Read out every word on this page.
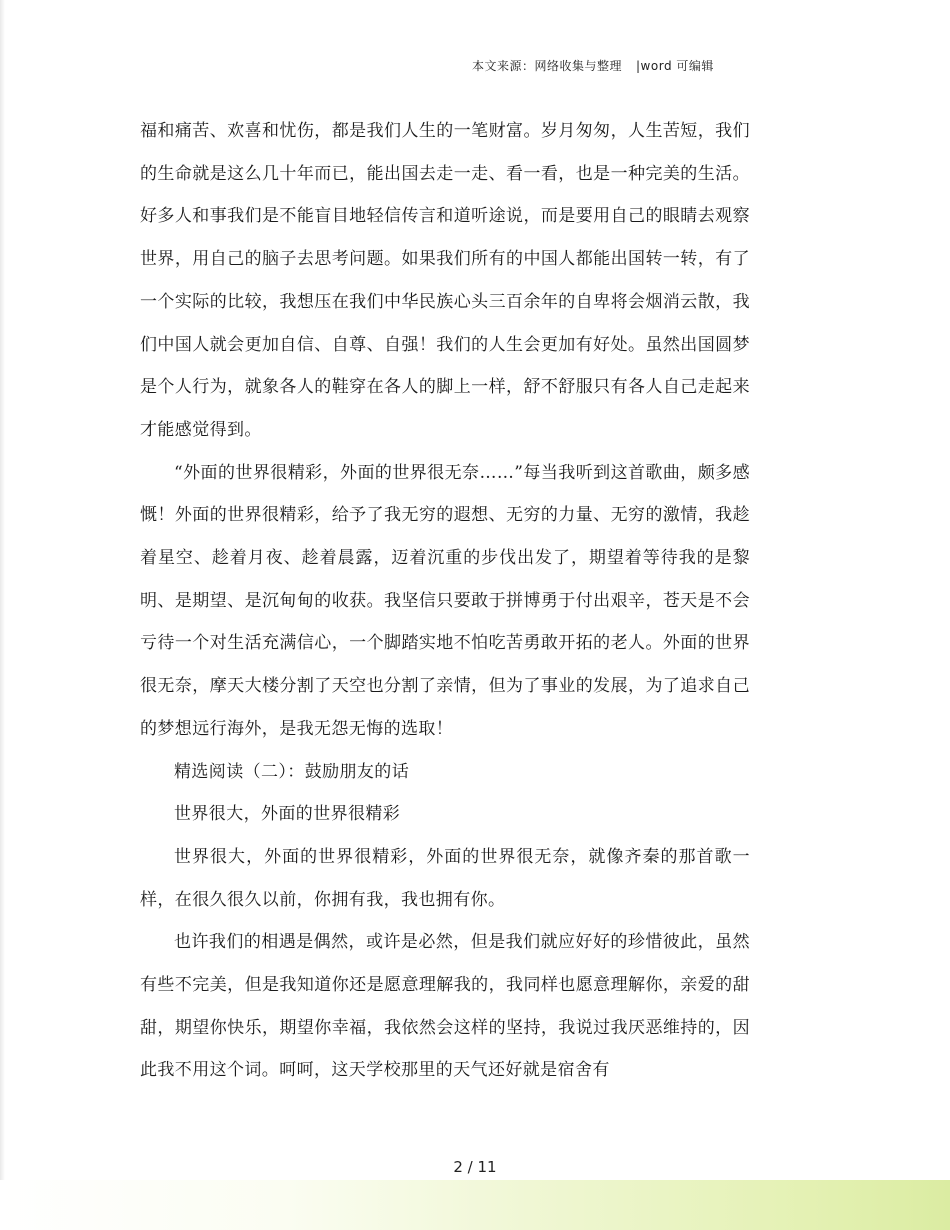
本文来源：网络收集与整理 |word 可编辑

福和痛苦、欢喜和忧伤，都是我们人生的一笔财富。岁月匆匆，人生苦短，我们的生命就是这么几十年而已，能出国去走一走、看一看，也是一种完美的生活。好多人和事我们是不能盲目地轻信传言和道听途说，而是要用自己的眼睛去观察世界，用自己的脑子去思考问题。如果我们所有的中国人都能出国转一转，有了一个实际的比较，我想压在我们中华民族心头三百余年的自卑将会烟消云散，我们中国人就会更加自信、自尊、自强！我们的人生会更加有好处。虽然出国圆梦是个人行为，就象各人的鞋穿在各人的脚上一样，舒不舒服只有各人自己走起来才能感觉得到。

“外面的世界很精彩，外面的世界很无奈……”每当我听到这首歌曲，颇多感慨！外面的世界很精彩，给予了我无穷的遐想、无穷的力量、无穷的激情，我趁着星空、趁着月夜、趁着晨露，迈着沉重的步伐出发了，期望着等待我的是黎明、是期望、是沉甸甸的收获。我坚信只要敢于拼博勇于付出艰辛，苍天是不会亏待一个对生活充满信心，一个脚踏实地不怕吃苦勇敢开拓的老人。外面的世界很无奈，摩天大楼分割了天空也分割了亲情，但为了事业的发展，为了追求自己的梦想远行海外，是我无怨无悔的选取！

精选阅读（二）：鼓励朋友的话

世界很大，外面的世界很精彩

世界很大，外面的世界很精彩，外面的世界很无奈，就像齐秦的那首歌一样，在很久很久以前，你拥有我，我也拥有你。

也许我们的相遇是偶然，或许是必然，但是我们就应好好的珍惜彼此，虽然有些不完美，但是我知道你还是愿意理解我的，我同样也愿意理解你，亲爱的甜甜，期望你快乐，期望你幸福，我依然会这样的坚持，我说过我厌恶维持的，因此我不用这个词。呵呵，这天学校那里的天气还好就是宿舍有

2 / 11
